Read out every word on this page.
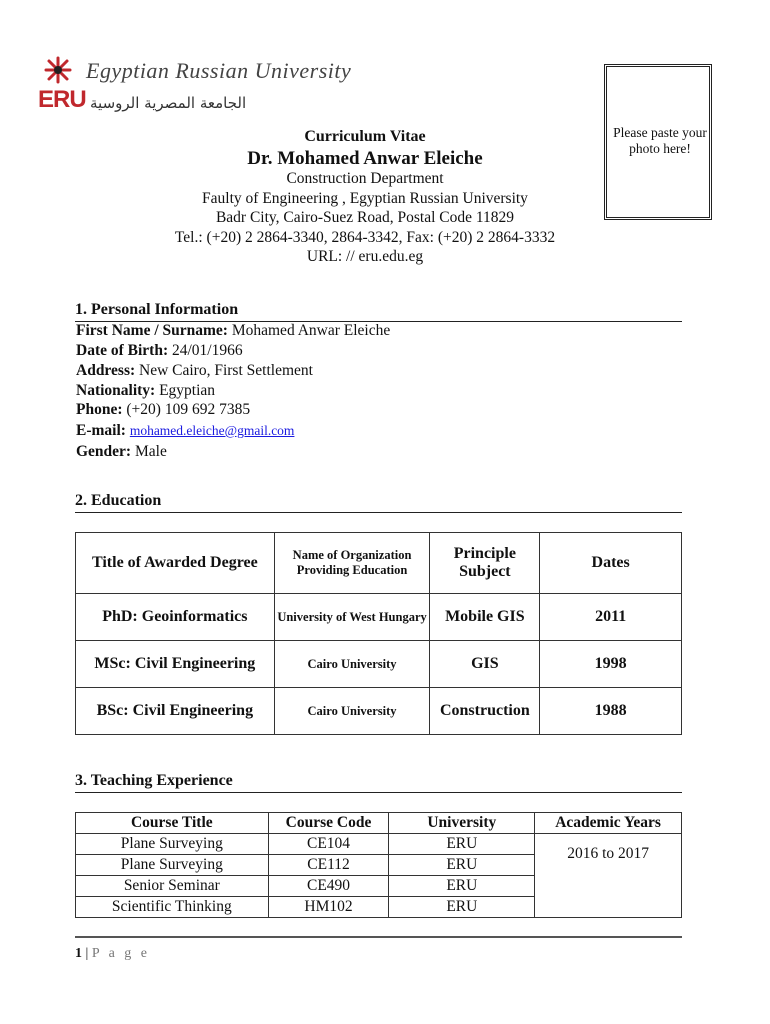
ERU
Egyptian Russian University
الجامعة المصرية الروسية
Please paste your photo here!
Curriculum Vitae
Dr. Mohamed Anwar Eleiche
Construction Department
Faulty of Engineering , Egyptian Russian University
Badr City, Cairo-Suez Road, Postal Code 11829
Tel.: (+20) 2 2864-3340, 2864-3342, Fax: (+20) 2 2864-3332
URL: // eru.edu.eg
1. Personal Information
First Name / Surname: Mohamed Anwar Eleiche
Date of Birth: 24/01/1966
Address: New Cairo, First Settlement
Nationality: Egyptian
Phone: (+20) 109 692 7385
E-mail: mohamed.eleiche@gmail.com
Gender: Male
2. Education
Title of Awarded Degree	Name of Organization Providing Education	Principle Subject	Dates
PhD: Geoinformatics	University of West Hungary	Mobile GIS	2011
MSc: Civil Engineering	Cairo University	GIS	1998
BSc: Civil Engineering	Cairo University	Construction	1988
3. Teaching Experience
Course Title	Course Code	University	Academic Years
Plane Surveying	CE104	ERU	2016 to 2017
Plane Surveying	CE112	ERU	
Senior Seminar	CE490	ERU	
Scientific Thinking	HM102	ERU	
1 | P a g e
